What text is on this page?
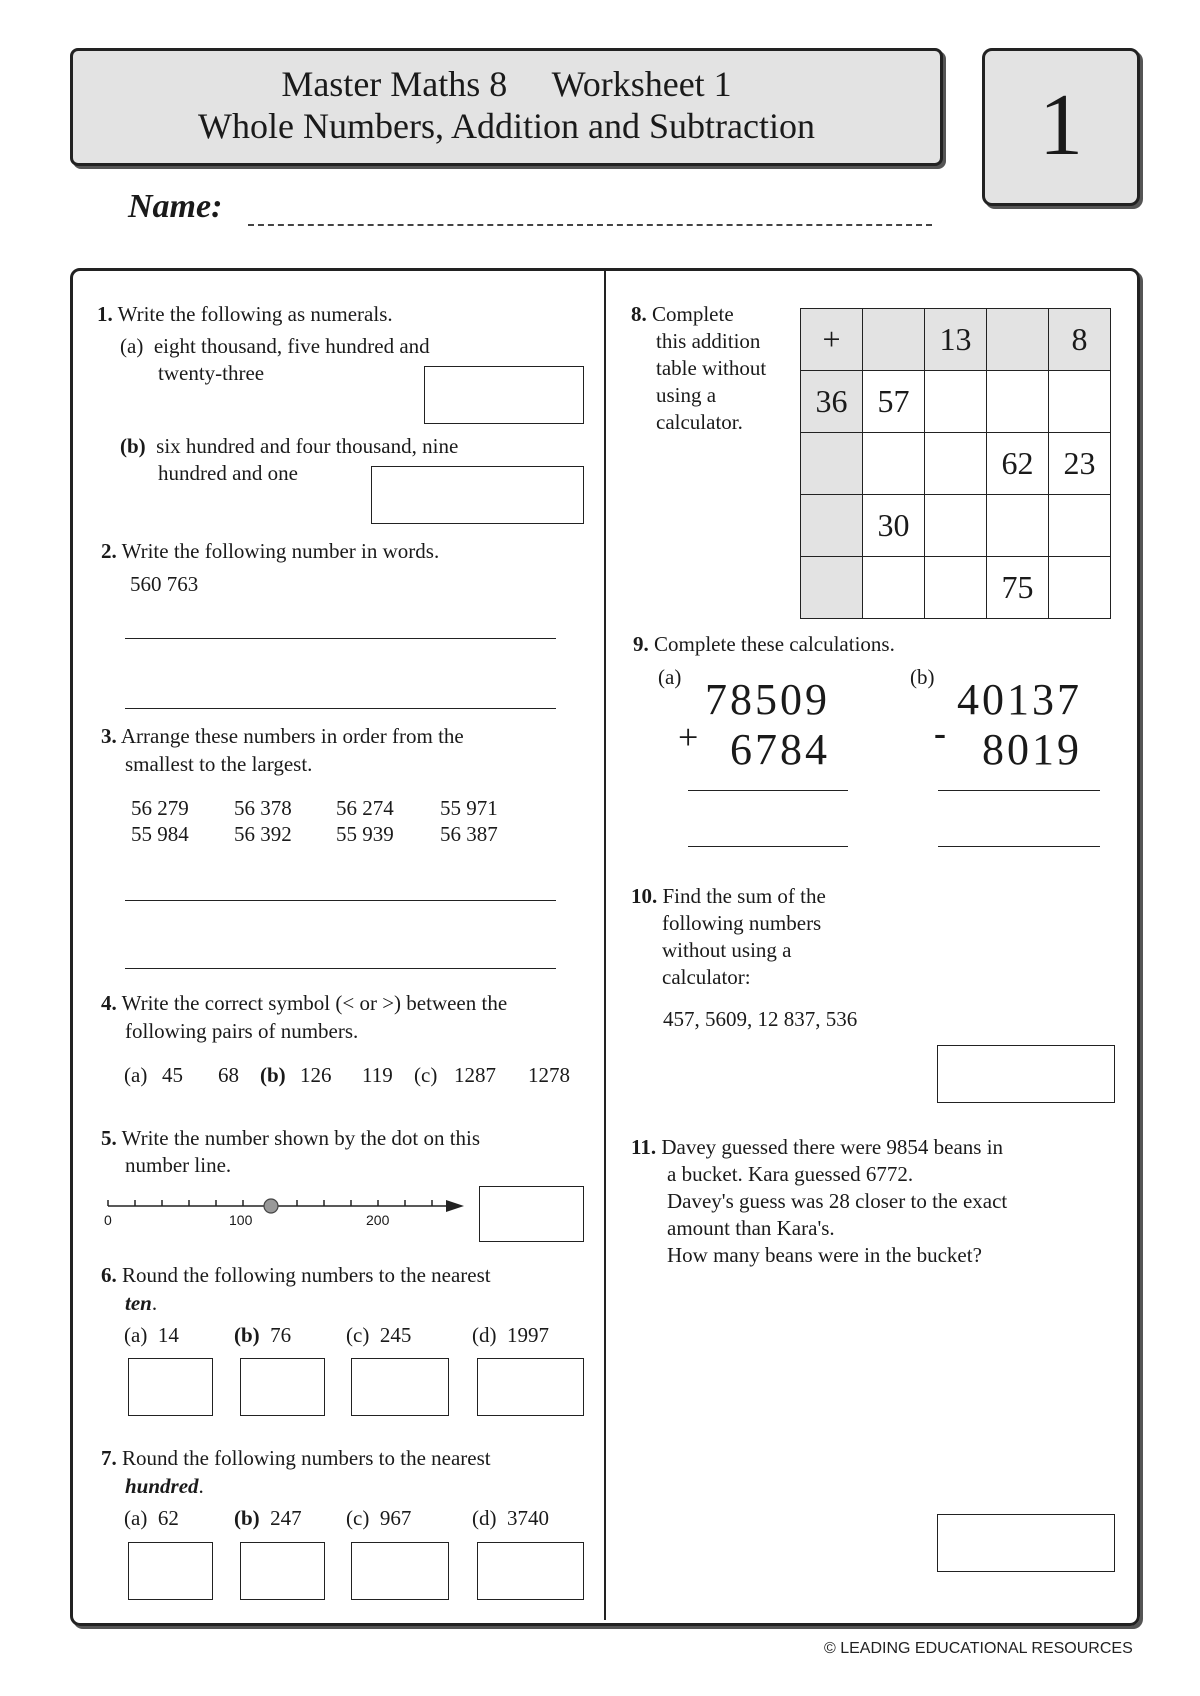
Master Maths 8     Worksheet 1
Whole Numbers, Addition and Subtraction	1
Name:
1. Write the following as numerals.
(a) eight thousand, five hundred and
twenty-three
(b) six hundred and four thousand, nine
hundred and one
2. Write the following number in words.
560 763
3. Arrange these numbers in order from the
smallest to the largest.
56 279 56 378 56 274 55 971
55 984 56 392 55 939 56 387
4. Write the correct symbol (< or >) between the
following pairs of numbers.
(a) 45 68 (b) 126 119 (c) 1287 1278
5. Write the number shown by the dot on this
number line.
0	100	200
6. Round the following numbers to the nearest
ten.
(a) 14	(b) 76	(c) 245	(d) 1997
7. Round the following numbers to the nearest
hundred.
(a) 62	(b) 247 (c) 967	(d) 3740
8. Complete
this addition
table without
using a
calculator.
+		13		8
36	57			
			62	23
	30			
			75	
9. Complete these calculations.
(a) 78509
+ 6784
(b) 40137
- 8019
10. Find the sum of the
following numbers
without using a
calculator:
457, 5609, 12 837, 536
11. Davey guessed there were 9854 beans in
a bucket. Kara guessed 6772.
Davey's guess was 28 closer to the exact
amount than Kara's.
How many beans were in the bucket?
© LEADING EDUCATIONAL RESOURCES
